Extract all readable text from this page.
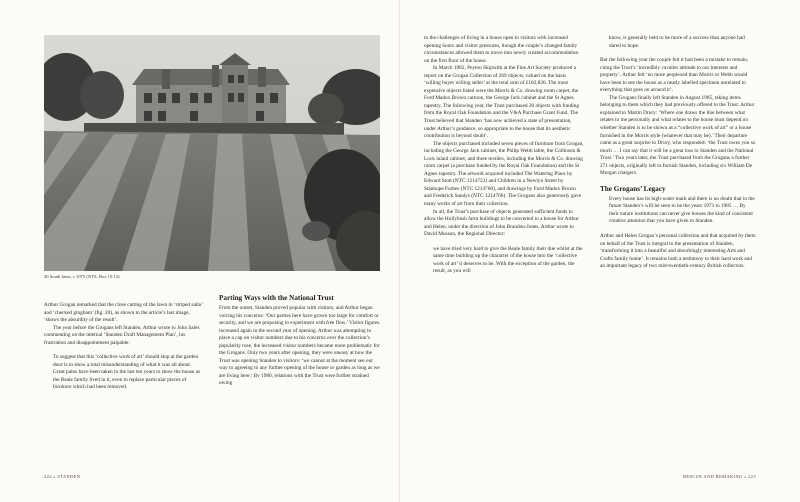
20 South lawn, c.1975 (NTS, Box 10.12)

Arthur Grogan remarked that the close cutting of the lawn in ‘striped satin’ and ‘checked gingham’ (fig. 20), as shown in the article’s last image, ‘shows the absurdity of the result’.

The year before the Grogans left Standen, Arthur wrote to John Sales commenting on the internal ‘Standen Draft Management Plan’, his frustration and disappointment palpable:

To suggest that this ‘collective work of art’ should stop at the garden door is to show a total misunderstanding of what it was all about. Great pains have been taken in the last ten years to show the house as the Beale family lived in it, even to replace particular pieces of furniture which had been removed.

Parting Ways with the National Trust

From the outset, Standen proved popular with visitors, and Arthur began voicing his concerns: ‘Our parties here have grown too large for comfort or security, and we are proposing to experiment with free flow.’ Visitor figures increased again in the second year of opening. Arthur was attempting to place a cap on visitor numbers due to his concerns over the collection’s popularity rose, the increased visitor numbers became more problematic for the Grogans. Only two years after opening, they were uneasy at how the Trust was opening Standen to visitors: ‘we cannot at the moment see our way to agreeing to any further opening of the house or garden as long as we are living here.’ By 1980, relations with the Trust were further strained owing

222 » STANDEN

to the challenges of living in a house open to visitors with increased opening hours and visitor pressures, though the couple’s changed family circumstances allowed them to move into newly created accommodation on the first floor of the house.

In March 1982, Peyton Skipwith at the Fine Art Society produced a report on the Grogan Collection of 269 objects, valued on the basis ‘willing buyer willing seller’ at the total sum of £182,820. The most expensive objects listed were the Morris & Co. drawing room carpet, the Ford Madox Brown cartoon, the George Jack cabinet and the St Agnes tapestry. The following year, the Trust purchased 20 objects with funding from the Royal Oak Foundation and the V&A Purchase Grant Fund. The Trust believed that Standen ‘has now achieved a state of presentation, under Arthur’s guidance, so appropriate to the house that its aesthetic contribution is beyond doubt’.

The objects purchased included seven pieces of furniture from Grogan, including the George Jack cabinet, the Philip Webb table, the Collinson & Lock inlaid cabinet, and three textiles, including the Morris & Co. drawing room carpet (a purchase funded by the Royal Oak Foundation) and the St Agnes tapestry. The artwork acquired included The Watering Place by Edward Stott (NTC 1214722) and Children in a Newlyn Street by Stanhope Forbes (NTC 1214768), and drawings by Ford Madox Brown and Frederick Sandys (NTC 1214766). The Grogans also generously gave many works of art from their collection.

In all, the Trust’s purchase of objects generated sufficient funds to allow the Hollybush farm buildings to be converted to a house for Arthur and Helen, under the direction of John Brandon-Jones. Arthur wrote to David Musson, the Regional Director:

we have tried very hard to give the Beale family their due whilst at the same time building up the character of the house into the ‘collective work of art’ it deserves to be. With the exception of the garden, the result, as you will

know, is generally held to be more of a success than anyone had dared to hope.

But the following year the couple felt it had been a mistake to remain, citing the Trust’s ‘incredibly cavalier attitude to our interests and property’. Arthur felt ‘no more perplexed than Morris or Webb would have been to see the house as a neatly labelled specimen unrelated to everything that goes on around it’.

The Grogans finally left Standen in August 1985, taking items belonging to them which they had previously offered to the Trust. Arthur explained to Martin Drury: ‘Where one draws the line between what relates to me personally and what relates to the house must depend on whether Standen is to be shown as a “collective work of art” or a house furnished in the Morris style (whatever that may be).’ Their departure came as a great surprise to Drury, who responded: ‘the Trust owes you so much … I can say that it will be a great loss to Standen and the National Trust.’ Two years later, the Trust purchased from the Grogans a further 271 objects, originally left to furnish Standen, including six William De Morgan chargers.

The Grogans’ Legacy

Every house has its high-water mark and there is no doubt that in the future Standen’s will be seen to be the years 1973 to 1985 … By their nature institutions can never give houses the kind of consistent creative attention that you have given to Standen.

Arthur and Helen Grogan’s personal collection and that acquired by them on behalf of the Trust is integral to the presentation of Standen, ‘transforming it into a beautiful and absorbingly interesting Arts and Crafts family home’. It remains both a testimony to their hard work and an important legacy of two mid-twentieth-century British collectors.

RESCUE AND REMAKING « 223
